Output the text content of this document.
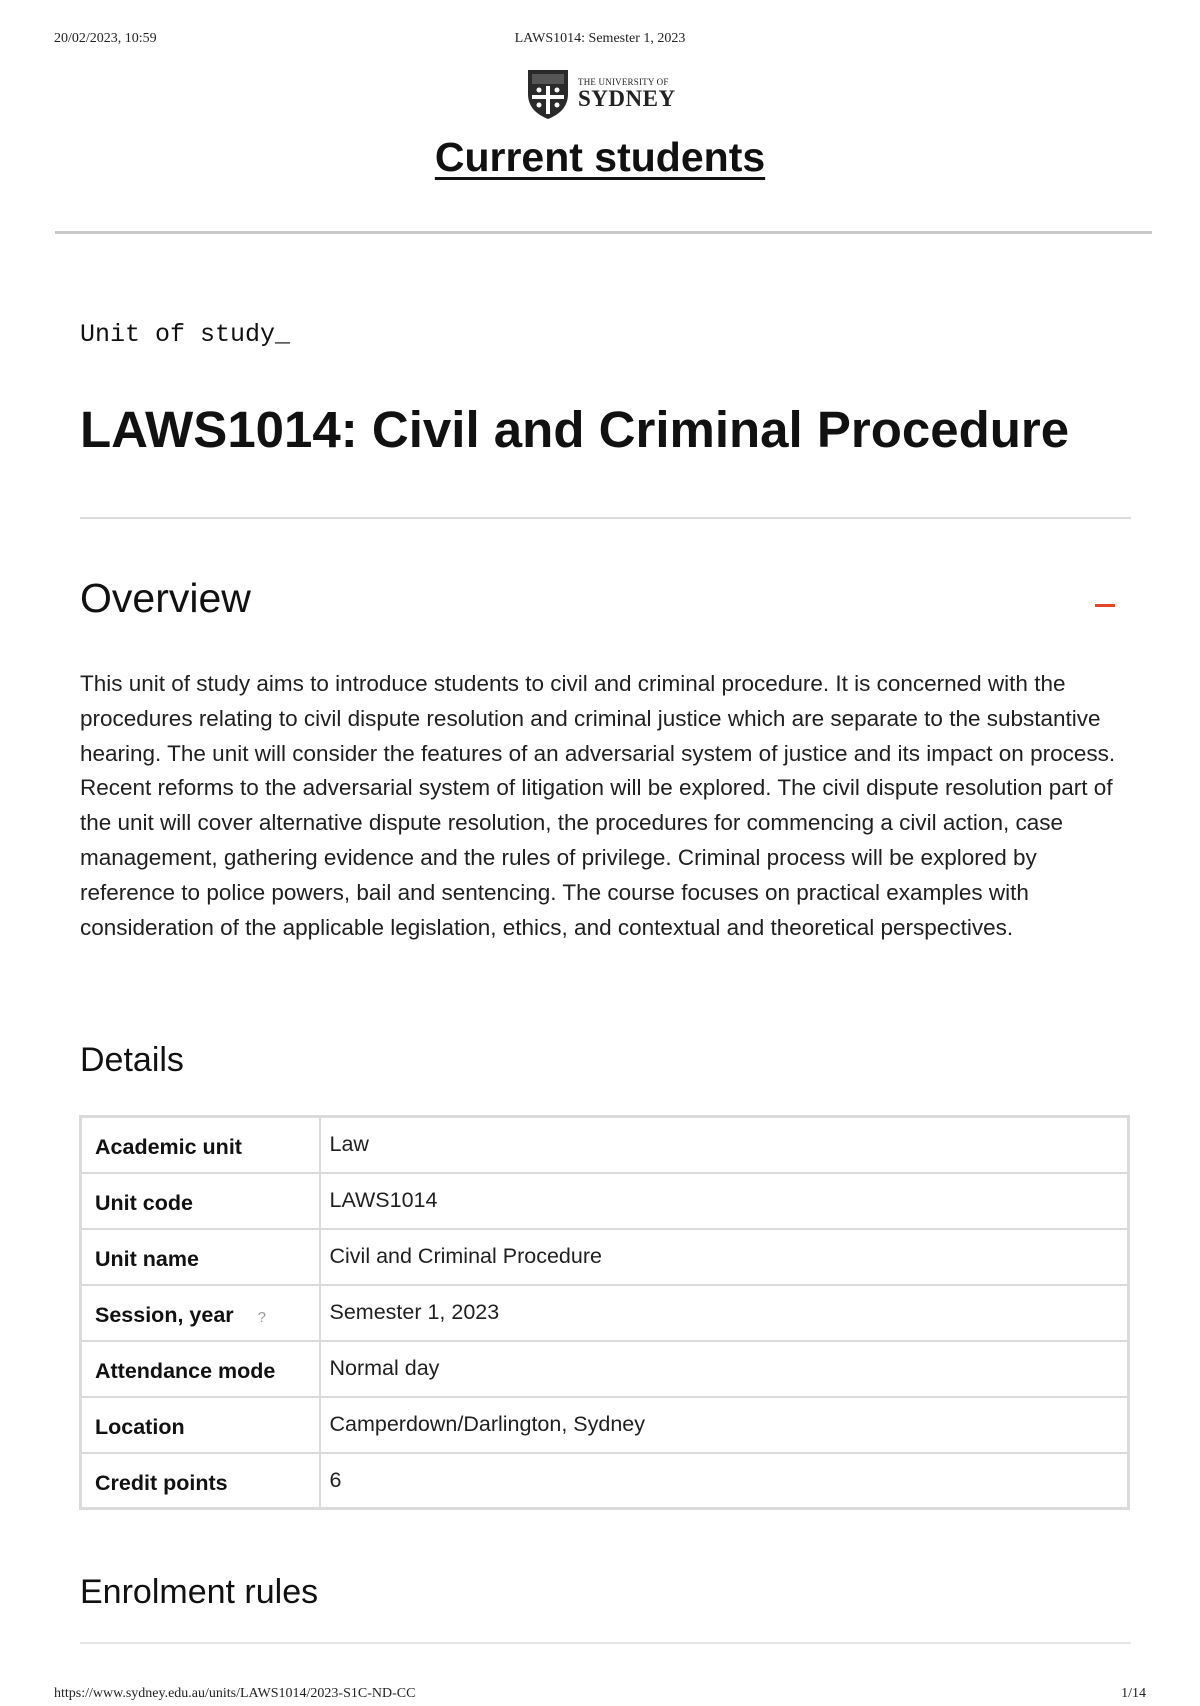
20/02/2023, 10:59	LAWS1014: Semester 1, 2023
THE UNIVERSITY OF
SYDNEY
Current students
Unit of study_
LAWS1014: Civil and Criminal Procedure
Overview

This unit of study aims to introduce students to civil and criminal procedure. It is concerned with the procedures relating to civil dispute resolution and criminal justice which are separate to the substantive hearing. The unit will consider the features of an adversarial system of justice and its impact on process. Recent reforms to the adversarial system of litigation will be explored. The civil dispute resolution part of the unit will cover alternative dispute resolution, the procedures for commencing a civil action, case management, gathering evidence and the rules of privilege. Criminal process will be explored by reference to police powers, bail and sentencing. The course focuses on practical examples with consideration of the applicable legislation, ethics, and contextual and theoretical perspectives.

Details
Academic unit	Law
Unit code	LAWS1014
Unit name	Civil and Criminal Procedure
Session, year ?	Semester 1, 2023
Attendance mode	Normal day
Location	Camperdown/Darlington, Sydney
Credit points	6
Enrolment rules
https://www.sydney.edu.au/units/LAWS1014/2023-S1C-ND-CC	1/14
